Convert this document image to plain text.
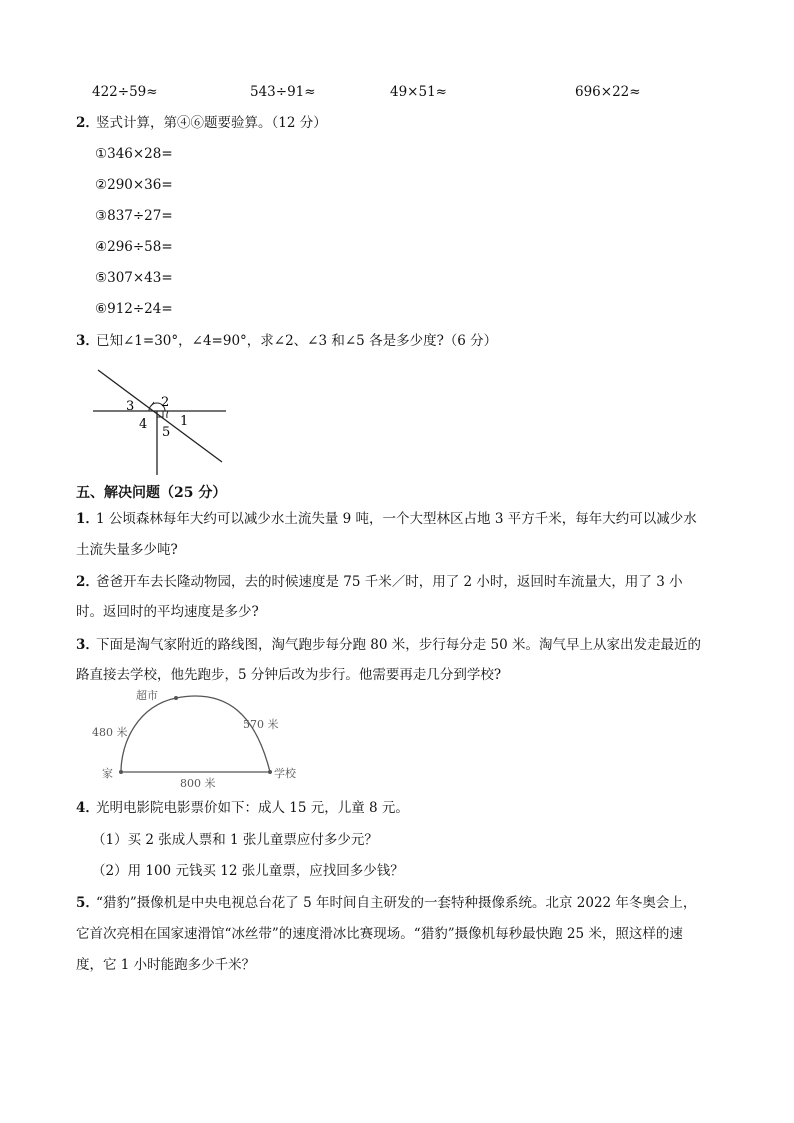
422÷59≈	543÷91≈	49×51≈	696×22≈
2．
竖式计算，第④⑥题要验算。（12 分）
①346×28=
②290×36=
③837÷27=
④296÷58=
⑤307×43=
⑥912÷24=
3．
已知∠1=30°，∠4=90°，求∠2、∠3 和∠5 各是多少度?（6 分）
3 2
1
4
5
五、解决问题（25 分）
1．
1 公顷森林每年大约可以减少水土流失量 9 吨，一个大型林区占地 3 平方千米，每年大约可以减少水
土流失量多少吨?
2．
爸爸开车去长隆动物园，去的时候速度是 75 千米／时，用了 2 小时，返回时车流量大，用了 3 小
时。返回时的平均速度是多少?
3．
下面是淘气家附近的路线图，淘气跑步每分跑 80 米，步行每分走 50 米。淘气早上从家出发走最近的
路直接去学校，他先跑步，5 分钟后改为步行。他需要再走几分到学校?
超市
480 米
570 米
家	学校
800 米
4．
光明电影院电影票价如下：成人 15 元，儿童 8 元。
（1）买 2 张成人票和 1 张儿童票应付多少元？
（2）用 100 元钱买 12 张儿童票，应找回多少钱？
5．
“猎豹”摄像机是中央电视总台花了 5 年时间自主研发的一套特种摄像系统。北京 2022 年冬奥会上，
它首次亮相在国家速滑馆“冰丝带”的速度滑冰比赛现场。“猎豹”摄像机每秒最快跑 25 米，照这样的速
度，它 1 小时能跑多少千米？
